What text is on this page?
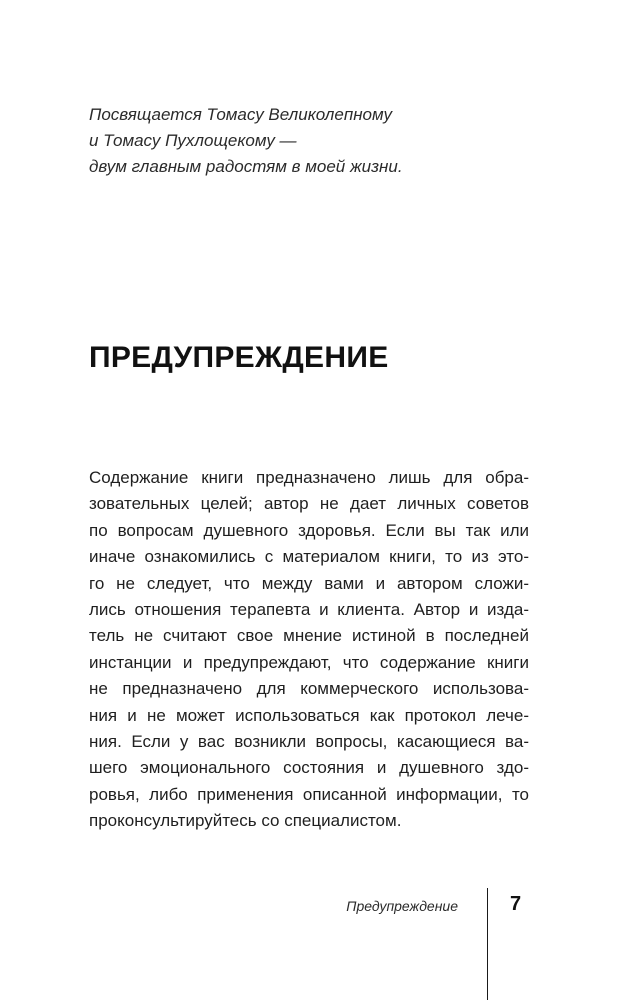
Посвящается Томасу Великолепному
и Томасу Пухлощекому —
двум главным радостям в моей жизни.
ПРЕДУПРЕЖДЕНИЕ
Содержание книги предназначено лишь для обра-
зовательных целей; автор не дает личных советов
по вопросам душевного здоровья. Если вы так или
иначе ознакомились с материалом книги, то из это-
го не следует, что между вами и автором сложи-
лись отношения терапевта и клиента. Автор и изда-
тель не считают свое мнение истиной в последней
инстанции и предупреждают, что содержание книги
не предназначено для коммерческого использова-
ния и не может использоваться как протокол лече-
ния. Если у вас возникли вопросы, касающиеся ва-
шего эмоционального состояния и душевного здо-
ровья, либо применения описанной информации, то
проконсультируйтесь со специалистом.
Предупреждение	7
